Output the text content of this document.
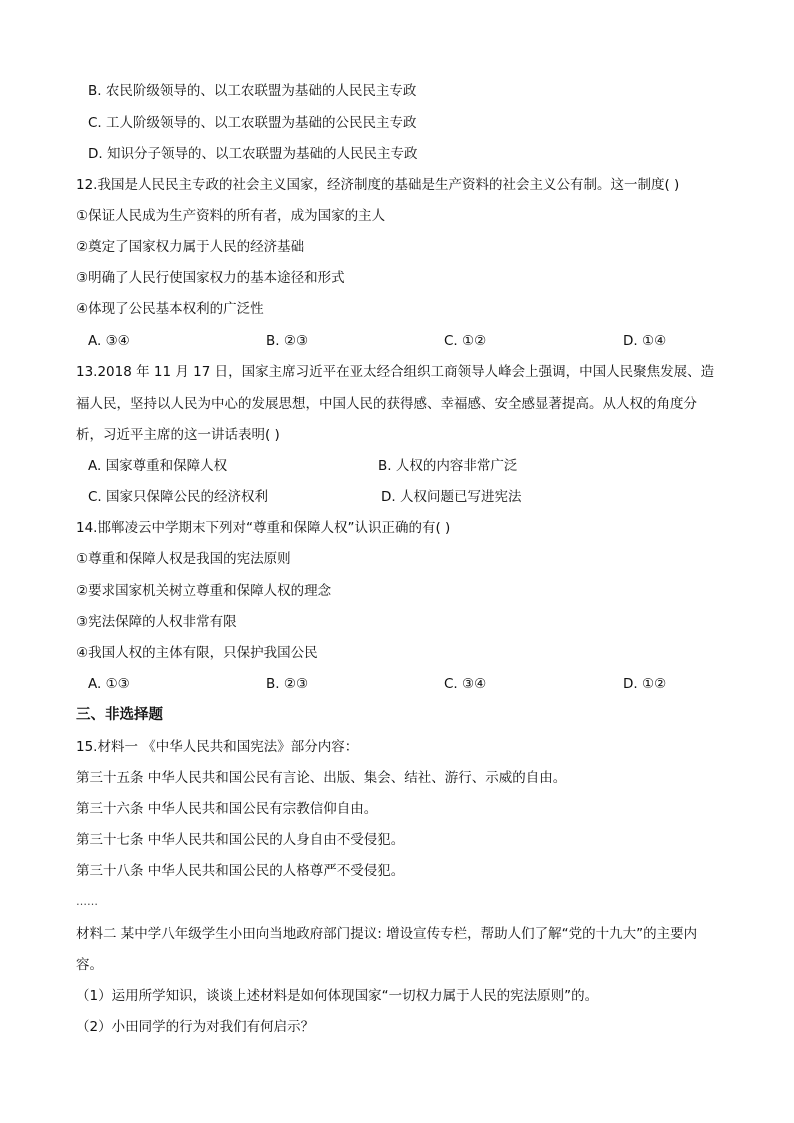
B. 农民阶级领导的、以工农联盟为基础的人民民主专政
C. 工人阶级领导的、以工农联盟为基础的公民民主专政
D. 知识分子领导的、以工农联盟为基础的人民民主专政
12.我国是人民民主专政的社会主义国家，经济制度的基础是生产资料的社会主义公有制。这一制度( )
①保证人民成为生产资料的所有者，成为国家的主人
②奠定了国家权力属于人民的经济基础
③明确了人民行使国家权力的基本途径和形式
④体现了公民基本权利的广泛性
A. ③④	B. ②③	C. ①②	D. ①④
13.2018 年 11 月 17 日，国家主席习近平在亚太经合组织工商领导人峰会上强调，中国人民聚焦发展、造
福人民，坚持以人民为中心的发展思想，中国人民的获得感、幸福感、安全感显著提高。从人权的角度分
析，习近平主席的这一讲话表明( )
A. 国家尊重和保障人权	B. 人权的内容非常广泛
C. 国家只保障公民的经济权利	D. 人权问题已写进宪法
14.邯郸凌云中学期末下列对“尊重和保障人权”认识正确的有( )
①尊重和保障人权是我国的宪法原则
②要求国家机关树立尊重和保障人权的理念
③宪法保障的人权非常有限
④我国人权的主体有限，只保护我国公民
A. ①③	B. ②③	C. ③④	D. ①②
三、非选择题
15.材料一 《中华人民共和国宪法》部分内容：
第三十五条 中华人民共和国公民有言论、出版、集会、结社、游行、示威的自由。
第三十六条 中华人民共和国公民有宗教信仰自由。
第三十七条 中华人民共和国公民的人身自由不受侵犯。
第三十八条 中华人民共和国公民的人格尊严不受侵犯。
……
材料二 某中学八年级学生小田向当地政府部门提议: 增设宣传专栏，帮助人们了解“党的十九大”的主要内
容。
（1）运用所学知识，谈谈上述材料是如何体现国家“一切权力属于人民的宪法原则”的。
（2）小田同学的行为对我们有何启示？
